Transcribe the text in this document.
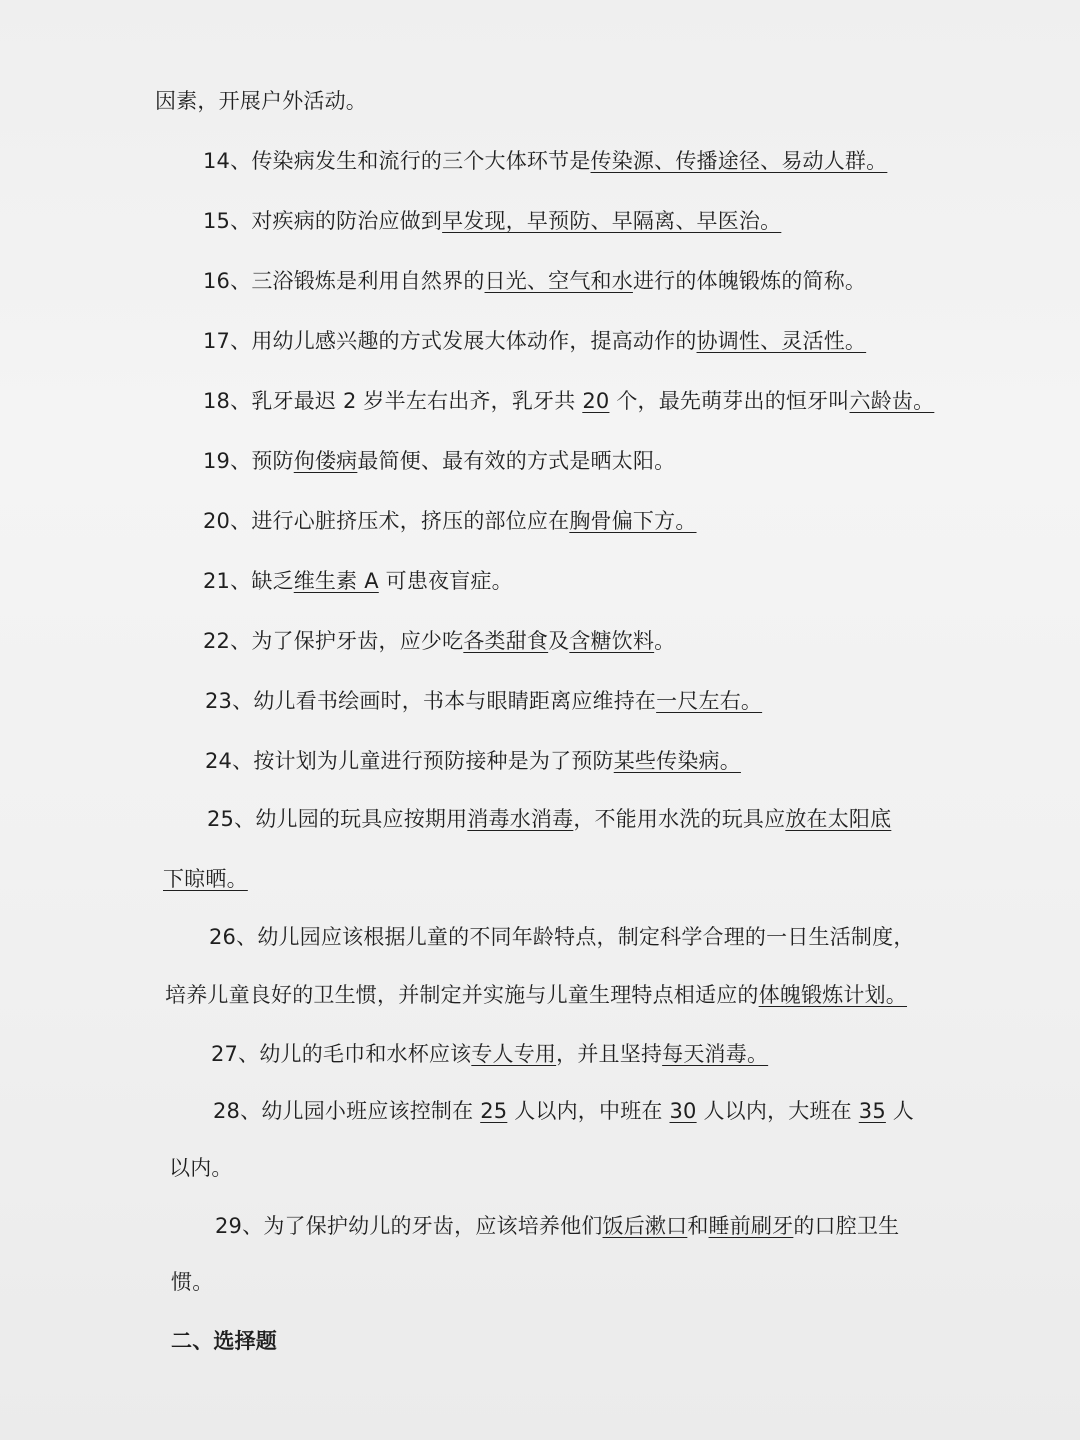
因素，开展户外活动。
14、传染病发生和流行的三个大体环节是传染源、传播途径、易动人群。
15、对疾病的防治应做到早发现，早预防、早隔离、早医治。
16、三浴锻炼是利用自然界的日光、空气和水进行的体魄锻炼的简称。
17、用幼儿感兴趣的方式发展大体动作，提高动作的协调性、灵活性。
18、乳牙最迟 2 岁半左右出齐，乳牙共 20 个，最先萌芽出的恒牙叫六龄齿。
19、预防佝偻病最简便、最有效的方式是晒太阳。
20、进行心脏挤压术，挤压的部位应在胸骨偏下方。
21、缺乏维生素 A 可患夜盲症。
22、为了保护牙齿，应少吃各类甜食及含糖饮料。
23、幼儿看书绘画时，书本与眼睛距离应维持在一尺左右。
24、按计划为儿童进行预防接种是为了预防某些传染病。
25、幼儿园的玩具应按期用消毒水消毒，不能用水洗的玩具应放在太阳底
下晾晒。
26、幼儿园应该根据儿童的不同年龄特点，制定科学合理的一日生活制度，
培养儿童良好的卫生惯，并制定并实施与儿童生理特点相适应的体魄锻炼计划。
27、幼儿的毛巾和水杯应该专人专用，并且坚持每天消毒。
28、幼儿园小班应该控制在 25 人以内，中班在 30 人以内，大班在 35 人
以内。
29、为了保护幼儿的牙齿，应该培养他们饭后漱口和睡前刷牙的口腔卫生
惯。
二、选择题
